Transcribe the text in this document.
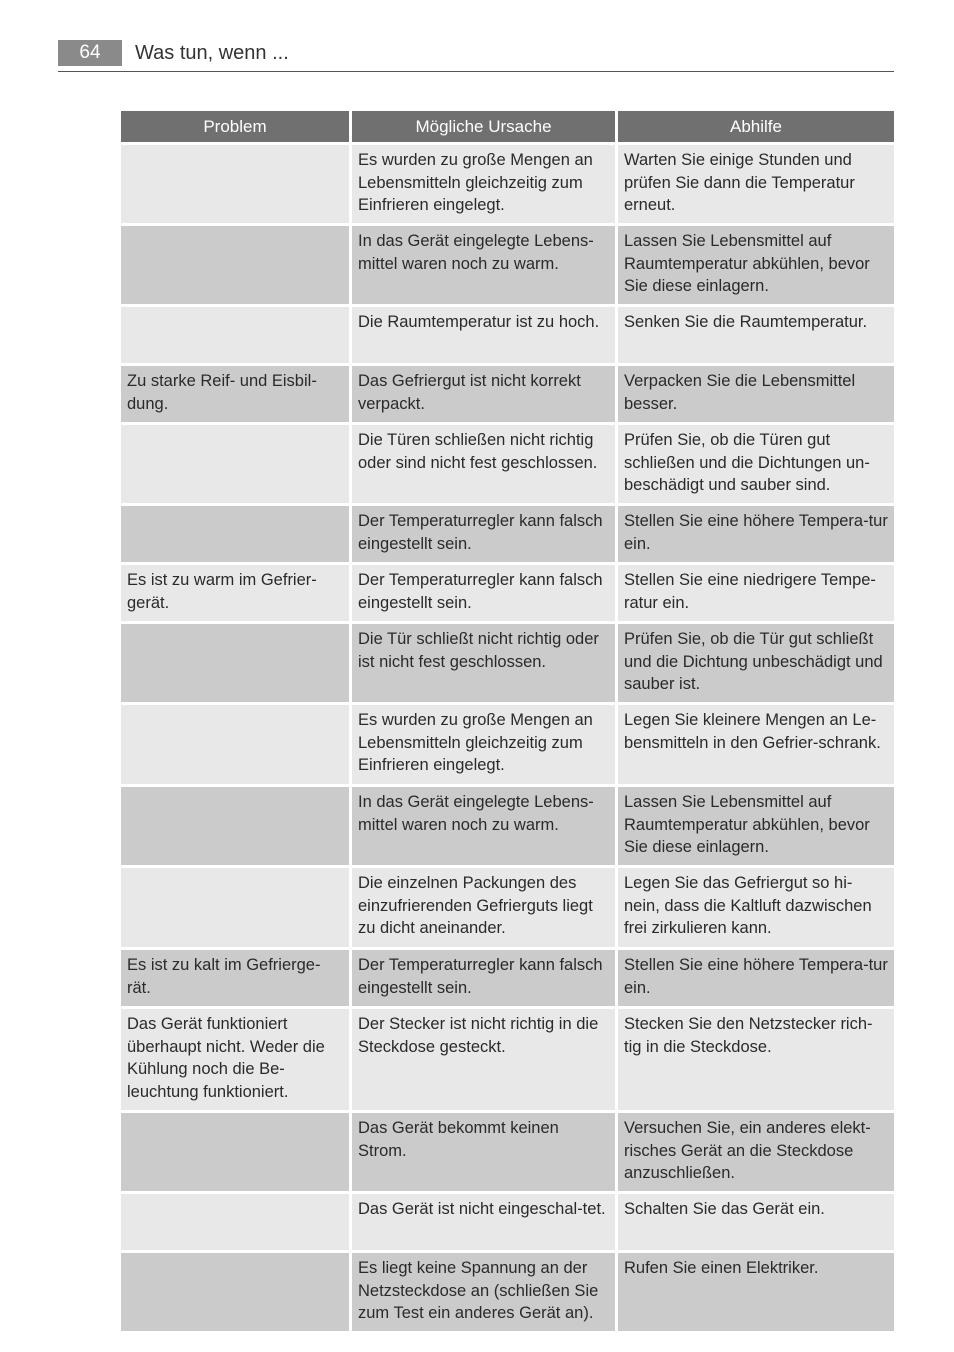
64	Was tun, wenn ...
Problem	Mögliche Ursache	Abhilfe
	Es wurden zu große Mengen an Lebensmitteln gleichzeitig zum Einfrieren eingelegt.	Warten Sie einige Stunden und prüfen Sie dann die Temperatur erneut.
	In das Gerät eingelegte Lebens-mittel waren noch zu warm.	Lassen Sie Lebensmittel auf Raumtemperatur abkühlen, bevor Sie diese einlagern.
	Die Raumtemperatur ist zu hoch.	Senken Sie die Raumtemperatur.
Zu starke Reif- und Eisbil-dung.	Das Gefriergut ist nicht korrekt verpackt.	Verpacken Sie die Lebensmittel besser.
	Die Türen schließen nicht richtig oder sind nicht fest geschlossen.	Prüfen Sie, ob die Türen gut schließen und die Dichtungen un-beschädigt und sauber sind.
	Der Temperaturregler kann falsch eingestellt sein.	Stellen Sie eine höhere Tempera-tur ein.
Es ist zu warm im Gefrier-gerät.	Der Temperaturregler kann falsch eingestellt sein.	Stellen Sie eine niedrigere Tempe-ratur ein.
	Die Tür schließt nicht richtig oder ist nicht fest geschlossen.	Prüfen Sie, ob die Tür gut schließt und die Dichtung unbeschädigt und sauber ist.
	Es wurden zu große Mengen an Lebensmitteln gleichzeitig zum Einfrieren eingelegt.	Legen Sie kleinere Mengen an Le-bensmitteln in den Gefrier-schrank.
	In das Gerät eingelegte Lebens-mittel waren noch zu warm.	Lassen Sie Lebensmittel auf Raumtemperatur abkühlen, bevor Sie diese einlagern.
	Die einzelnen Packungen des einzufrierenden Gefrierguts liegt zu dicht aneinander.	Legen Sie das Gefriergut so hi-nein, dass die Kaltluft dazwischen frei zirkulieren kann.
Es ist zu kalt im Gefrierge-rät.	Der Temperaturregler kann falsch eingestellt sein.	Stellen Sie eine höhere Tempera-tur ein.
Das Gerät funktioniert überhaupt nicht. Weder die Kühlung noch die Be-leuchtung funktioniert.	Der Stecker ist nicht richtig in die Steckdose gesteckt.	Stecken Sie den Netzstecker rich-tig in die Steckdose.
	Das Gerät bekommt keinen Strom.	Versuchen Sie, ein anderes elekt-risches Gerät an die Steckdose anzuschließen.
	Das Gerät ist nicht eingeschal-tet.	Schalten Sie das Gerät ein.
	Es liegt keine Spannung an der Netzsteckdose an (schließen Sie zum Test ein anderes Gerät an).	Rufen Sie einen Elektriker.
